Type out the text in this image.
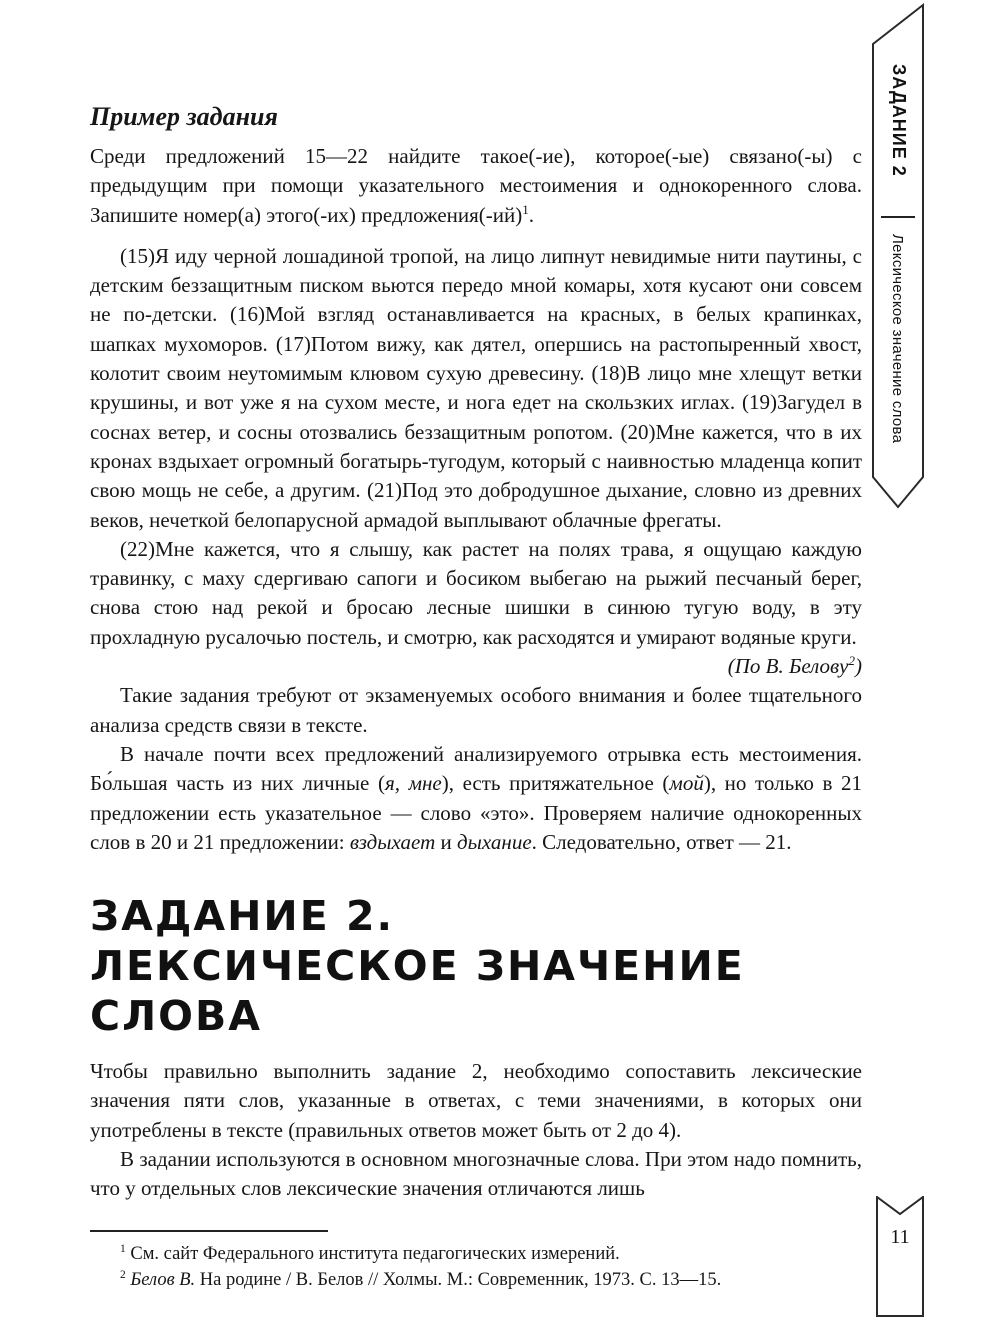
Пример задания

Среди предложений 15—22 найдите такое(-ие), которое(-ые) связано(-ы) с предыдущим при помощи указательного местоимения и однокоренного слова. Запишите номер(а) этого(-их) $предложения(-ий)^1$.

(15)Я иду черной лошадиной тропой, на лицо липнут невидимые нити паутины, с детским беззащитным писком вьются передо мной комары, хотя кусают они совсем не по-детски. (16)Мой взгляд останавливается на красных, в белых крапинках, шапках мухоморов. (17)Потом вижу, как дятел, опершись на растопыренный хвост, колотит своим неутомимым клювом сухую древесину. (18)В лицо мне хлещут ветки крушины, и вот уже я на сухом месте, и нога едет на скользких иглах. (19)Загудел в соснах ветер, и сосны отозвались беззащитным ропотом. (20)Мне кажется, что в их кронах вздыхает огромный богатырь-тугодум, который с наивностью младенца копит свою мощь не себе, а другим. (21)Под это добродушное дыхание, словно из древних веков, нечеткой белопарусной армадой выплывают облачные фрегаты.

(22)Мне кажется, что я слышу, как растет на полях трава, я ощущаю каждую травинку, с маху сдергиваю сапоги и босиком выбегаю на рыжий песчаный берег, снова стою над рекой и бросаю лесные шишки в синюю тугую воду, в эту прохладную русалочью постель, и смотрю, как расходятся и умирают водяные круги.

(По В. Белову$^2$)

Такие задания требуют от экзаменуемых особого внимания и более тщательного анализа средств связи в тексте.

В начале почти всех предложений анализируемого отрывка есть местоимения. Бо́льшая часть из них личные (я, мне), есть притяжательное (мой), но только в 21 предложении есть указательное — слово «это». Проверяем наличие однокоренных слов в 20 и 21 предложении: вздыхает и дыхание. Следовательно, ответ — 21.

ЗАДАНИЕ 2.
ЛЕКСИЧЕСКОЕ ЗНАЧЕНИЕ СЛОВА

Чтобы правильно выполнить задание 2, необходимо сопоставить лексические значения пяти слов, указанные в ответах, с теми значениями, в которых они употреблены в тексте (правильных ответов может быть от 2 до 4).

В задании используются в основном многозначные слова. При этом надо помнить, что у отдельных слов лексические значения отличаются лишь

$^1$ См. сайт Федерального института педагогических измерений.

$^2$ Белов В. На родине / В. Белов // Холмы. М.: Современник, 1973. С. 13—15.

ЗАДАНИЕ 2
Лексическое значение слова
11
